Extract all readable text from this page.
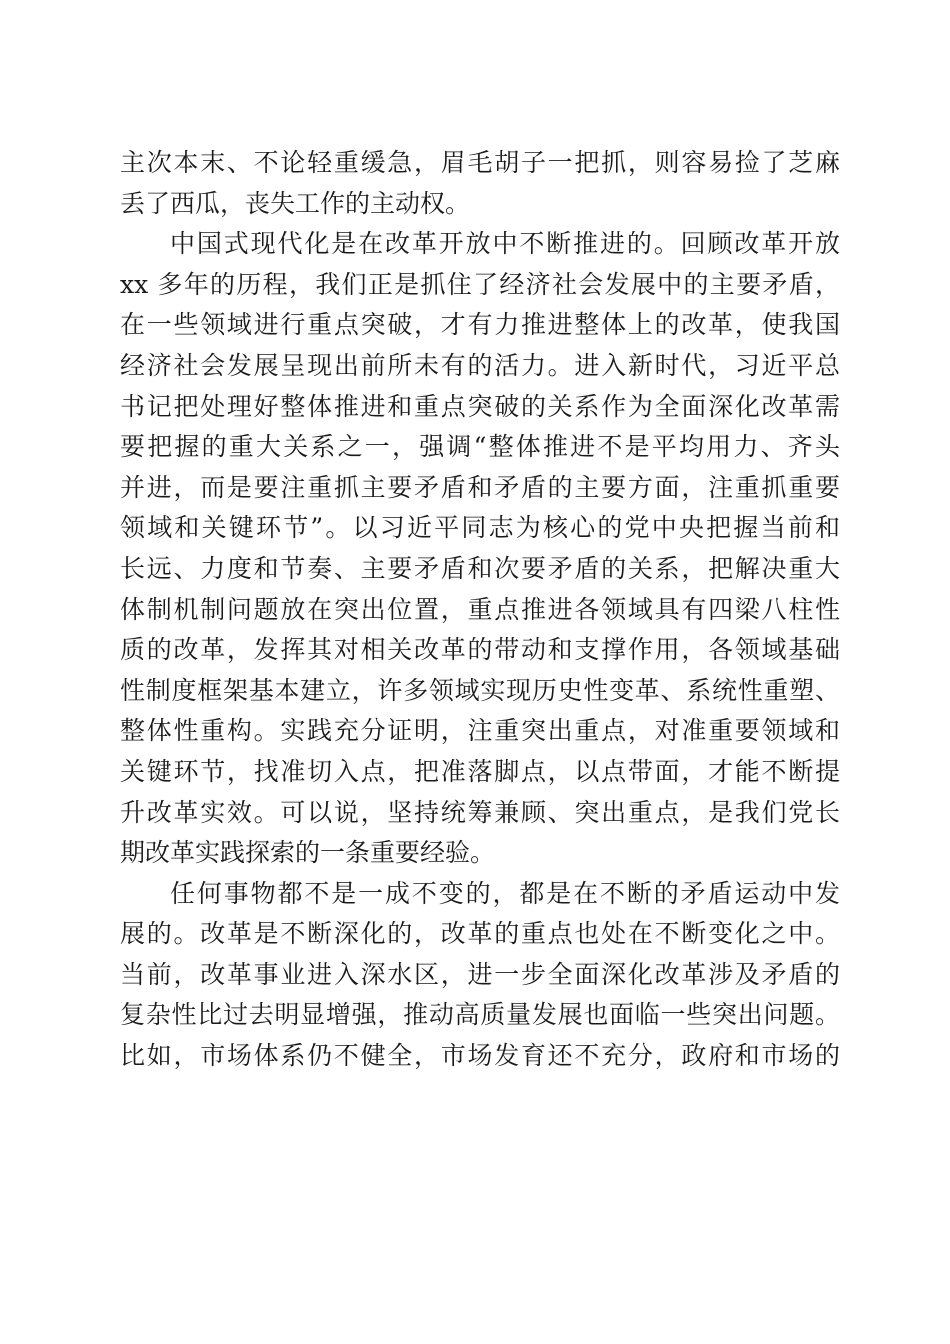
主次本末、不论轻重缓急，眉毛胡子一把抓，则容易捡了芝麻
丢了西瓜，丧失工作的主动权。
中国式现代化是在改革开放中不断推进的。回顾改革开放
xx 多年的历程，我们正是抓住了经济社会发展中的主要矛盾，
在一些领域进行重点突破，才有力推进整体上的改革，使我国
经济社会发展呈现出前所未有的活力。进入新时代，习近平总
书记把处理好整体推进和重点突破的关系作为全面深化改革需
要把握的重大关系之一，强调“整体推进不是平均用力、齐头
并进，而是要注重抓主要矛盾和矛盾的主要方面，注重抓重要
领域和关键环节”。以习近平同志为核心的党中央把握当前和
长远、力度和节奏、主要矛盾和次要矛盾的关系，把解决重大
体制机制问题放在突出位置，重点推进各领域具有四梁八柱性
质的改革，发挥其对相关改革的带动和支撑作用，各领域基础
性制度框架基本建立，许多领域实现历史性变革、系统性重塑、
整体性重构。实践充分证明，注重突出重点，对准重要领域和
关键环节，找准切入点，把准落脚点，以点带面，才能不断提
升改革实效。可以说，坚持统筹兼顾、突出重点，是我们党长
期改革实践探索的一条重要经验。
任何事物都不是一成不变的，都是在不断的矛盾运动中发
展的。改革是不断深化的，改革的重点也处在不断变化之中。
当前，改革事业进入深水区，进一步全面深化改革涉及矛盾的
复杂性比过去明显增强，推动高质量发展也面临一些突出问题。
比如，市场体系仍不健全，市场发育还不充分，政府和市场的
